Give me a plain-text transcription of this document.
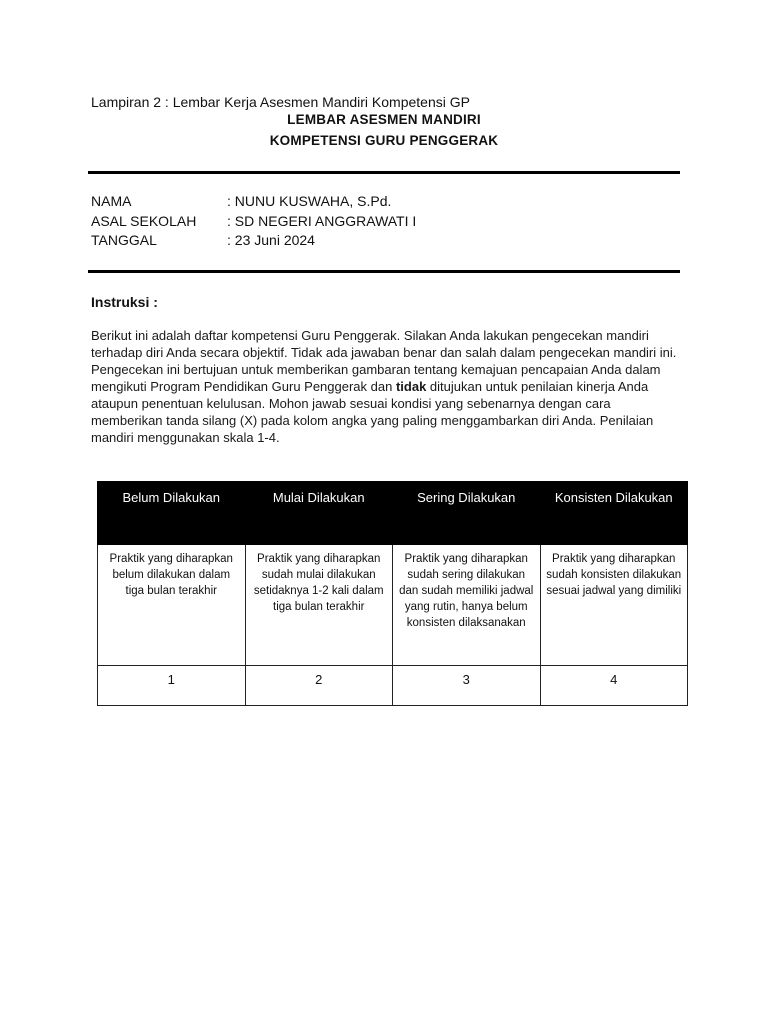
Lampiran 2 : Lembar Kerja Asesmen Mandiri Kompetensi GP
LEMBAR ASESMEN MANDIRI
KOMPETENSI GURU PENGGERAK
NAMA	: NUNU KUSWAHA, S.Pd.
ASAL SEKOLAH : SD NEGERI ANGGRAWATI I
TANGGAL	: 23 Juni 2024
Instruksi :
Berikut ini adalah daftar kompetensi Guru Penggerak. Silakan Anda lakukan pengecekan mandiri terhadap diri Anda secara objektif. Tidak ada jawaban benar dan salah dalam pengecekan mandiri ini. Pengecekan ini bertujuan untuk memberikan gambaran tentang kemajuan pencapaian Anda dalam mengikuti Program Pendidikan Guru Penggerak dan tidak ditujukan untuk penilaian kinerja Anda ataupun penentuan kelulusan. Mohon jawab sesuai kondisi yang sebenarnya dengan cara memberikan tanda silang (X) pada kolom angka yang paling menggambarkan diri Anda. Penilaian mandiri menggunakan skala 1-4.
Belum Dilakukan	Mulai Dilakukan	Sering Dilakukan	Konsisten Dilakukan
Praktik yang diharapkan belum dilakukan dalam tiga bulan terakhir	Praktik yang diharapkan sudah mulai dilakukan setidaknya 1-2 kali dalam tiga bulan terakhir	Praktik yang diharapkan sudah sering dilakukan dan sudah memiliki jadwal yang rutin, hanya belum konsisten dilaksanakan	Praktik yang diharapkan sudah konsisten dilakukan sesuai jadwal yang dimiliki
1	2	3	4
